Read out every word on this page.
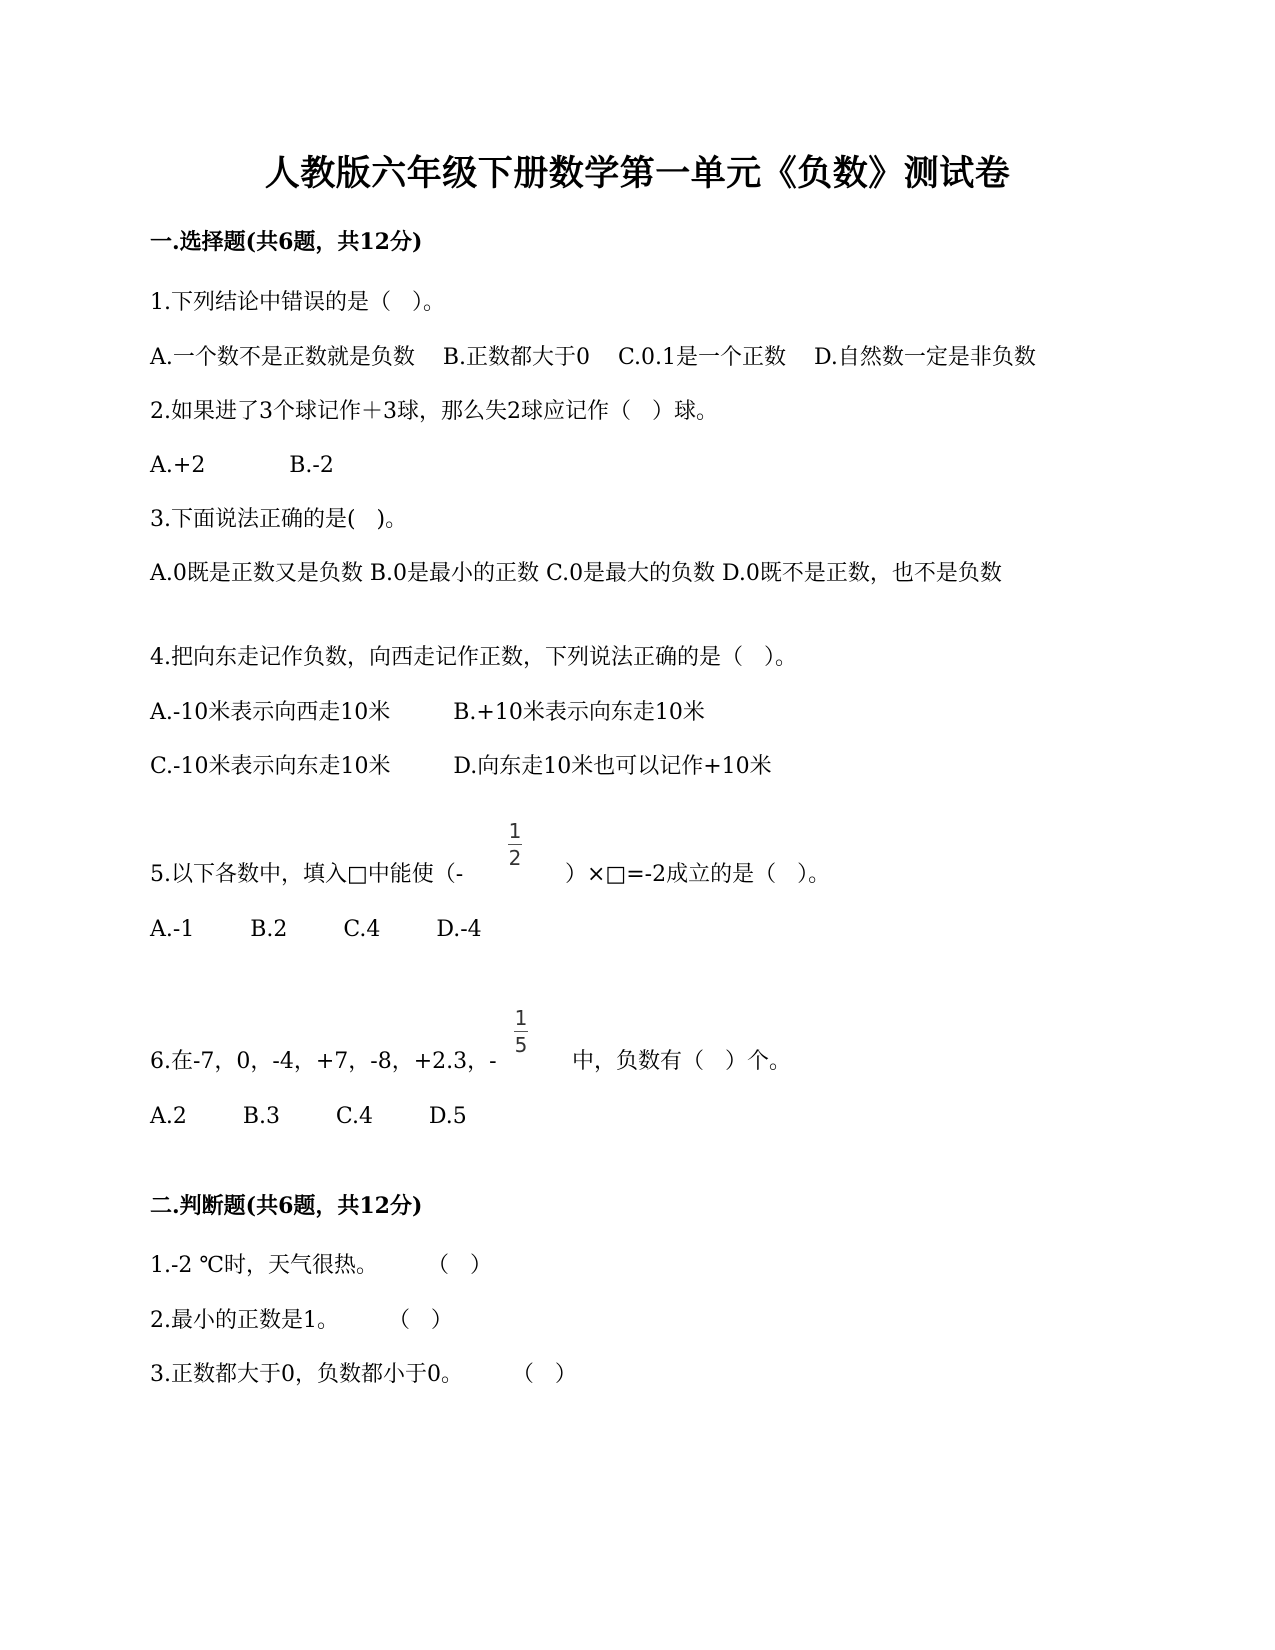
人教版六年级下册数学第一单元《负数》测试卷
一.选择题(共6题，共12分)
1.下列结论中错误的是（   ）。
A.一个数不是正数就是负数    B.正数都大于0    C.0.1是一个正数    D.自然数一定是非负数
2.如果进了3个球记作＋3球，那么失2球应记作（   ）球。
A.+2            B.-2
3.下面说法正确的是(   )。
A.0既是正数又是负数 B.0是最小的正数 C.0是最大的负数 D.0既不是正数，也不是负数
4.把向东走记作负数，向西走记作正数，下列说法正确的是（   ）。
A.-10米表示向西走10米         B.+10米表示向东走10米
C.-10米表示向东走10米         D.向东走10米也可以记作+10米
5.以下各数中，填入□中能使（-
1
2
）×□=-2成立的是（   ）。
A.-1        B.2        C.4        D.-4
6.在-7，0，-4，+7，-8，+2.3，-
1
5
中，负数有（   ）个。
A.2        B.3        C.4        D.5
二.判断题(共6题，共12分)
1.-2 ℃时，天气很热。       （   ）
2.最小的正数是1。       （   ）
3.正数都大于0，负数都小于0。       （   ）
